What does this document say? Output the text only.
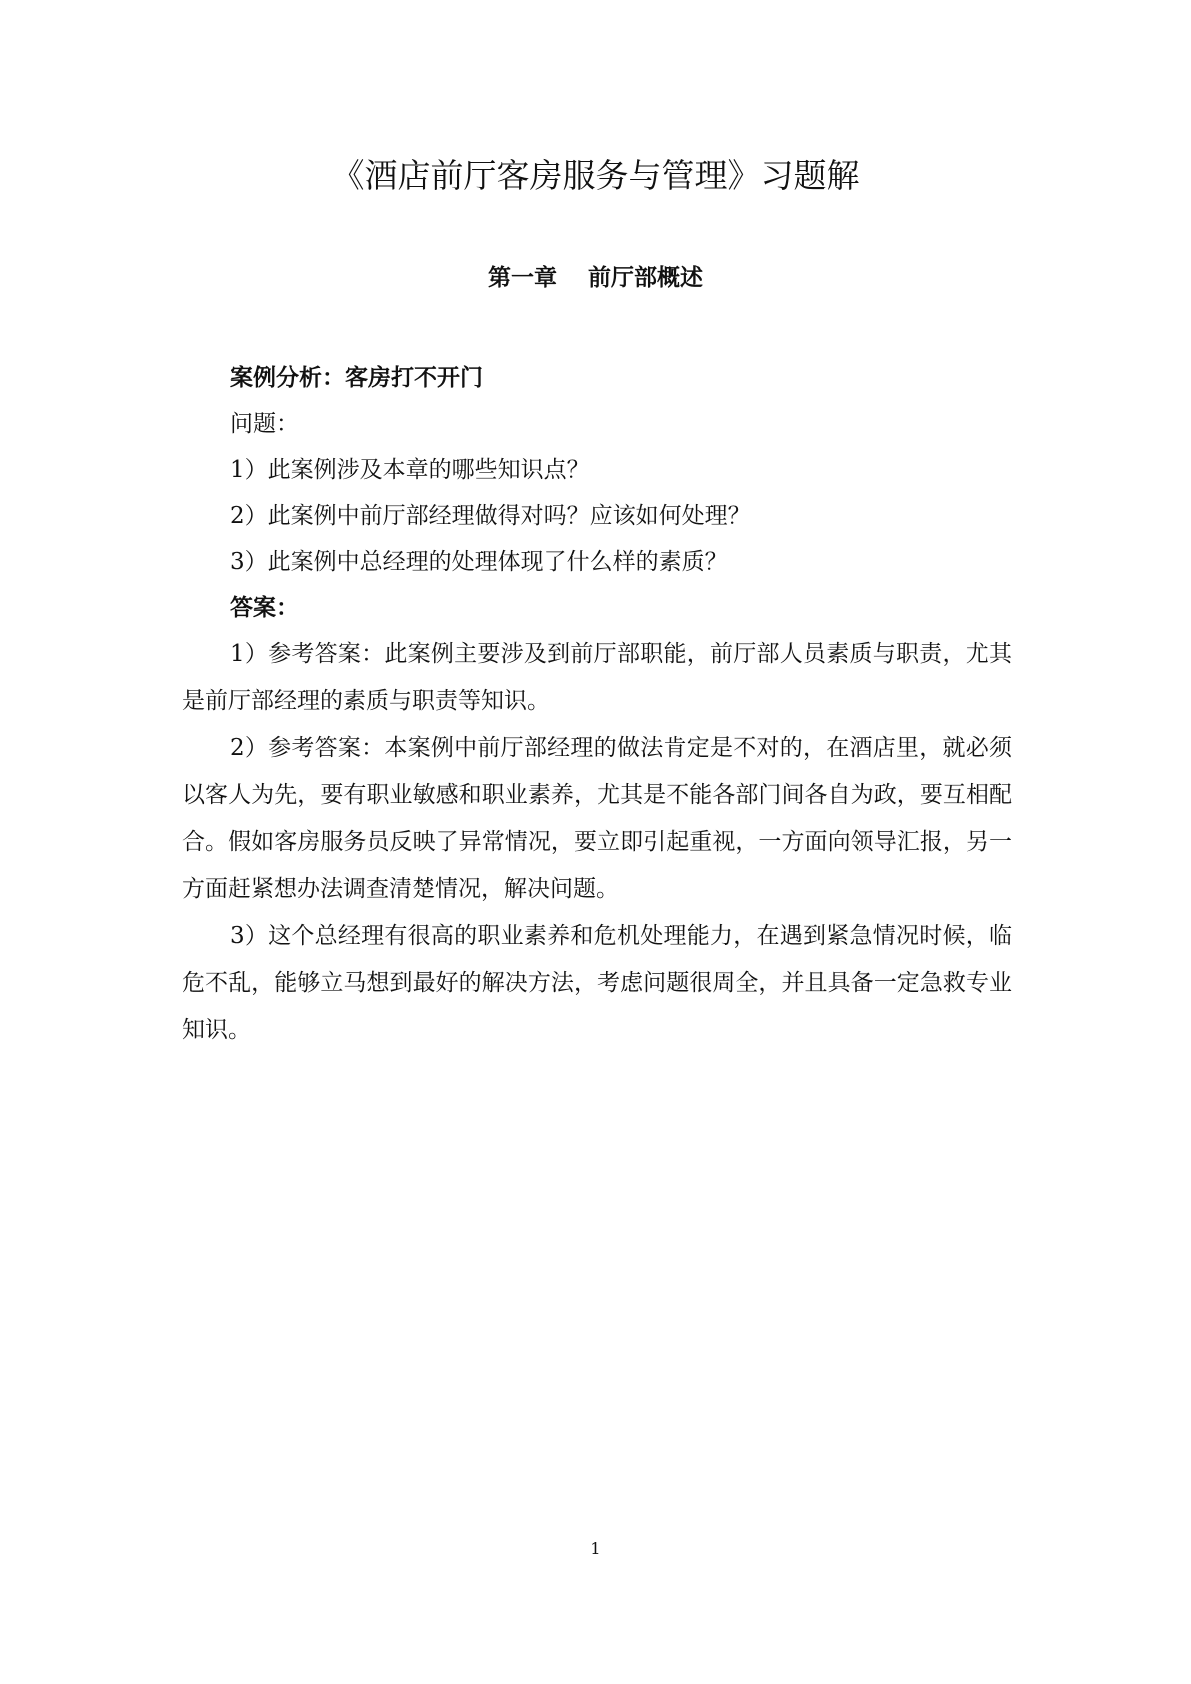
《酒店前厅客房服务与管理》习题解
第一章　 前厅部概述

案例分析：客房打不开门

问题：

1）此案例涉及本章的哪些知识点？

2）此案例中前厅部经理做得对吗？应该如何处理？

3）此案例中总经理的处理体现了什么样的素质？

答案：

1）参考答案：此案例主要涉及到前厅部职能，前厅部人员素质与职责，尤其是前厅部经理的素质与职责等知识。

2）参考答案：本案例中前厅部经理的做法肯定是不对的，在酒店里，就必须以客人为先，要有职业敏感和职业素养，尤其是不能各部门间各自为政，要互相配合。假如客房服务员反映了异常情况，要立即引起重视，一方面向领导汇报，另一方面赶紧想办法调查清楚情况，解决问题。

3）这个总经理有很高的职业素养和危机处理能力，在遇到紧急情况时候，临危不乱，能够立马想到最好的解决方法，考虑问题很周全，并且具备一定急救专业知识。

1
